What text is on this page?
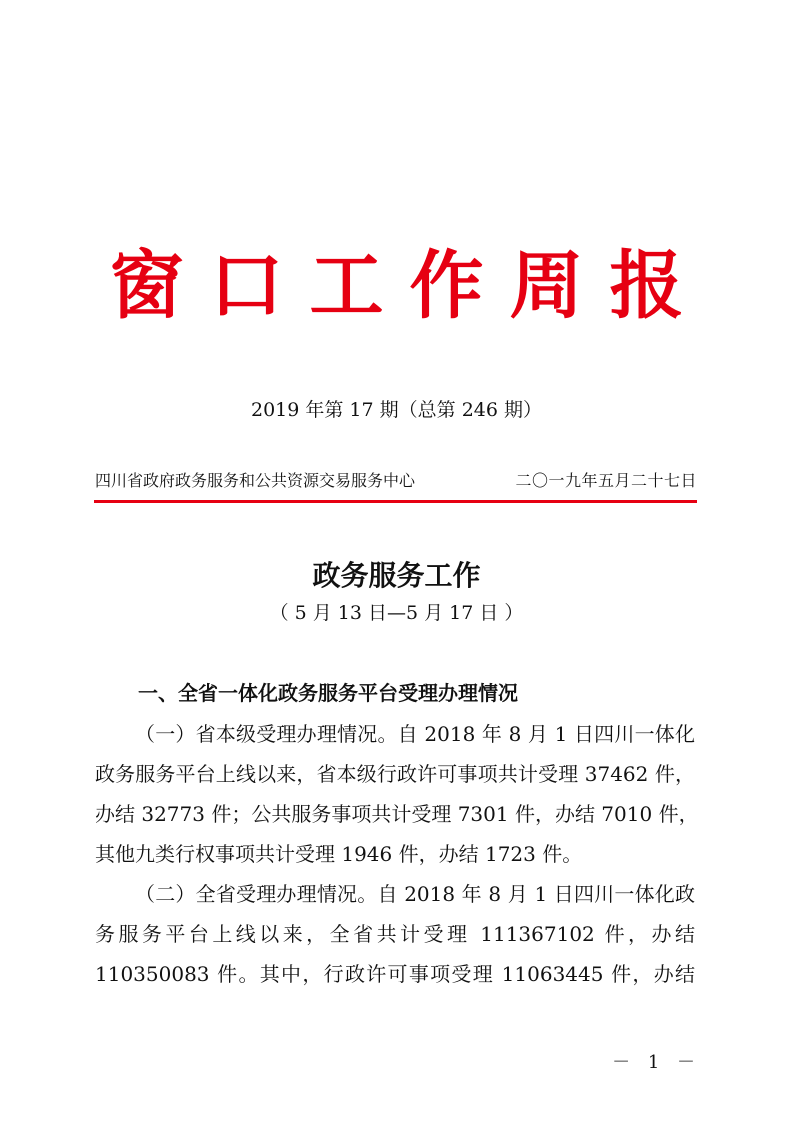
窗口工作周报
2019 年第 17 期（总第 246 期）
四川省政府政务服务和公共资源交易服务中心	二〇一九年五月二十七日
政务服务工作
（ 5 月 13 日—5 月 17 日 ）
一、全省一体化政务服务平台受理办理情况
（一）省本级受理办理情况。自 2018 年 8 月 1 日四川一体化
政务服务平台上线以来，省本级行政许可事项共计受理 37462 件，
办结 32773 件；公共服务事项共计受理 7301 件，办结 7010 件，
其他九类行权事项共计受理 1946 件，办结 1723 件。
（二）全省受理办理情况。自 2018 年 8 月 1 日四川一体化政
务服务平台上线以来，全省共计受理 111367102 件，办结
110350083 件。其中，行政许可事项受理 11063445 件，办结
－ 1 －
